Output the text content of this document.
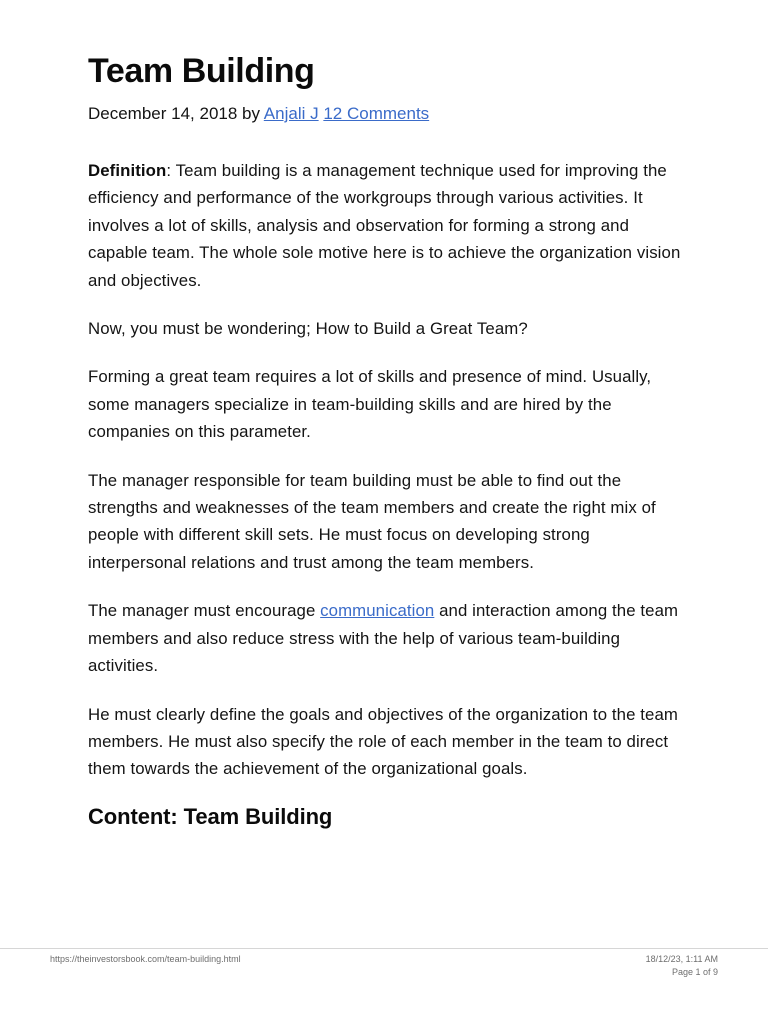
Team Building
December 14, 2018 by Anjali J 12 Comments

Definition: Team building is a management technique used for improving the efficiency and performance of the workgroups through various activities. It involves a lot of skills, analysis and observation for forming a strong and capable team. The whole sole motive here is to achieve the organization vision and objectives.

Now, you must be wondering; How to Build a Great Team?

Forming a great team requires a lot of skills and presence of mind. Usually, some managers specialize in team-building skills and are hired by the companies on this parameter.

The manager responsible for team building must be able to find out the strengths and weaknesses of the team members and create the right mix of people with different skill sets. He must focus on developing strong interpersonal relations and trust among the team members.

The manager must encourage communication and interaction among the team members and also reduce stress with the help of various team-building activities.

He must clearly define the goals and objectives of the organization to the team members. He must also specify the role of each member in the team to direct them towards the achievement of the organizational goals.

Content: Team Building
https://theinvestorsbook.com/team-building.html	18/12/23, 1:11 AM
Page 1 of 9
